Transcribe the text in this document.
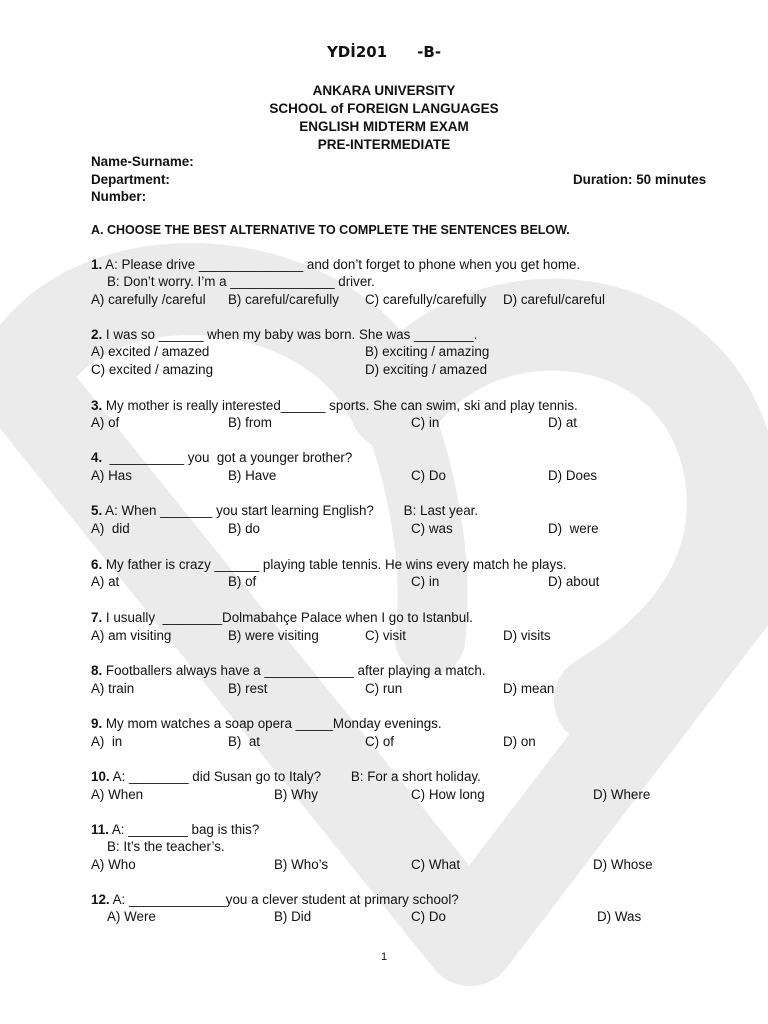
YDİ201 -B-
ANKARA UNIVERSITY
SCHOOL of FOREIGN LANGUAGES
ENGLISH MIDTERM EXAM
PRE-INTERMEDIATE
Name-Surname:
Department:	Duration: 50 minutes
Number:
A. CHOOSE THE BEST ALTERNATIVE TO COMPLETE THE SENTENCES BELOW.
1. A: Please drive ______________ and don’t forget to phone when you get home.
B: Don’t worry. I’m a ______________ driver.
A) carefully /careful B) careful/carefully C) carefully/carefully D) careful/careful
2. I was so ______ when my baby was born. She was ________.
A) excited / amazed	B) exciting / amazing
C) excited / amazing	D) exciting / amazed
3. My mother is really interested______ sports. She can swim, ski and play tennis.
A) of	B) from	C) in	D) at
4.  __________ you  got a younger brother?
A) Has	B) Have	C) Do	D) Does
5. A: When _______ you start learning English?        B: Last year.
A)  did	B) do	C) was	D)  were
6. My father is crazy ______ playing table tennis. He wins every match he plays.
A) at	B) of	C) in	D) about
7. I usually  ________Dolmabahçe Palace when I go to Istanbul.
A) am visiting	B) were visiting	C) visit	D) visits
8. Footballers always have a ____________ after playing a match.
A) train	B) rest	C) run	D) mean
9. My mom watches a soap opera _____Monday evenings.
A)  in	B)  at	C) of	D) on
10. A: ________ did Susan go to Italy?        B: For a short holiday.
A) When	B) Why	C) How long	D) Where
11. A: ________ bag is this?
B: It’s the teacher’s.
A) Who	B) Who’s	C) What	D) Whose
12. A: _____________you a clever student at primary school?
A) Were	B) Did	C) Do	D) Was
1
